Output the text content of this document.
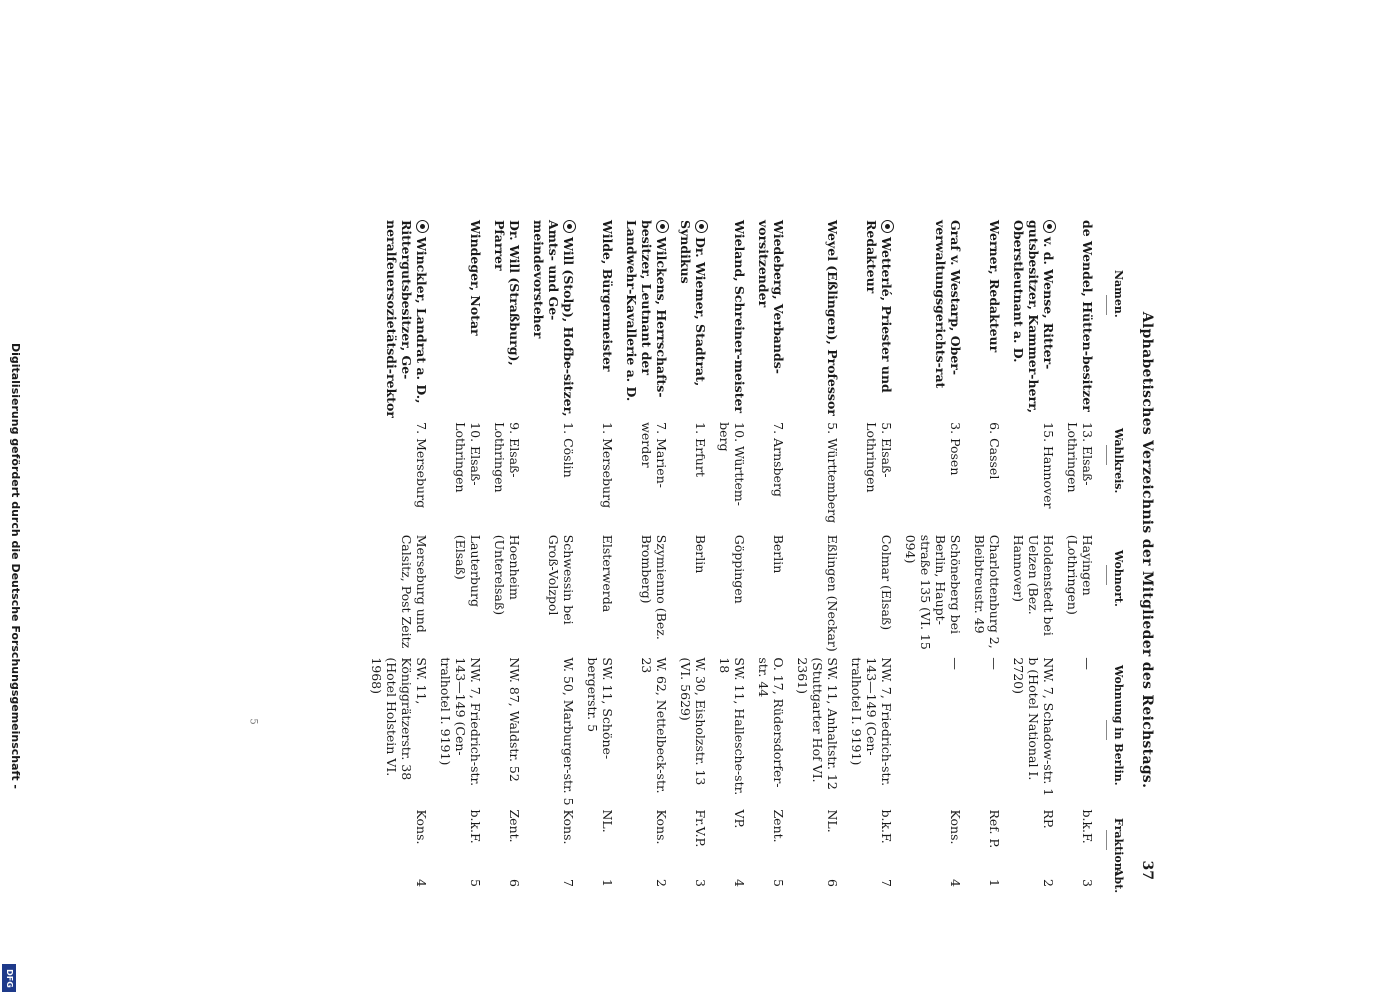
Digitalisierung gefördert durch die Deutsche Forschungsgemeinschaft -
DFG
Alphabetisches Verzeichnis der Mitglieder des Reichstags.
37
Namen.
Wahlkreis.
Wohnort.
Wohnung in Berlin.
Fraktion.
Abt.
de Wendel, Hütten-besitzer	13. Elsaß-Lothringen	Hayingen (Lothringen)	—	b.k.F.	3
v. d. Wense, Ritter-gutsbesitzer, Kammer-herr, Oberstleutnant a. D.	15. Hannover	Holdenstedt bei Uelzen (Bez. Hannover)	NW. 7, Schadow-str. 1 b (Hotel National I. 2720)	RP.	2
Werner, Redakteur	6. Cassel	Charlottenburg 2, Bleibtreustr. 49	—	Ref. P.	1
Graf v. Westarp, Ober-verwaltungsgerichts-rat	3. Posen	Schöneberg bei Berlin, Haupt-straße 135 (VI. 15 094)	—	Kons.	4
Wetterlé, Priester und Redakteur	5. Elsaß-Lothringen	Colmar (Elsaß)	NW. 7, Friedrich-str. 143—149 (Cen-tralhotel I. 9191)	b.k.F.	7
Weyel (Eßlingen), Professor	5. Württemberg	Eßlingen (Neckar)	SW. 11, Anhaltstr. 12 (Stuttgarter Hof VI. 2361)	NL.	6
Wiedeberg, Verbands-vorsitzender	7. Arnsberg	Berlin	O. 17, Rüdersdorfer-str. 44	Zent.	5
Wieland, Schreiner-meister	10. Württem-berg	Göppingen	SW. 11, Hallesche-str. 18	VP.	4
Dr. Wiemer, Stadtrat, Syndikus	1. Erfurt	Berlin	W. 30, Eisholzstr. 13 (VI. 5629)	Fr.V.P.	3
Wilckens, Herrschafts-besitzer, Leutnant der Landwehr-Kavallerie a. D.	7. Marien-werder	Szymienno (Bez. Bromberg)	W. 62, Nettelbeck-str. 23	Kons.	2
Wilde, Bürgermeister	1. Merseburg	Elsterwerda	SW. 11, Schöne-bergerstr. 5	NL.	1
Will (Stolp), Hofbe-sitzer, Amts- und Ge-meindevorsteher	1. Cöslin	Schwessin bei Groß-Volzpol	W. 50, Marburger-str. 5	Kons.	7
Dr. Will (Straßburg), Pfarrer	9. Elsaß-Lothringen	Hoenheim (Unterelsaß)	NW. 87, Waldstr. 52	Zent.	6
Windeger, Notar	10. Elsaß-Lothringen	Lauterburg (Elsaß)	NW. 7, Friedrich-str. 143—149 (Cen-tralhotel I. 9191)	b.k.F.	5
Winckler, Landrat a. D., Rittergutsbesitzer, Ge-neralfeuersozietätsdi-rektor	7. Merseburg	Merseburg und Calsitz, Post Zeitz	SW. 11, Königgrätzerstr. 38 (Hotel Holstein VI. 1968)	Kons.	4
5
